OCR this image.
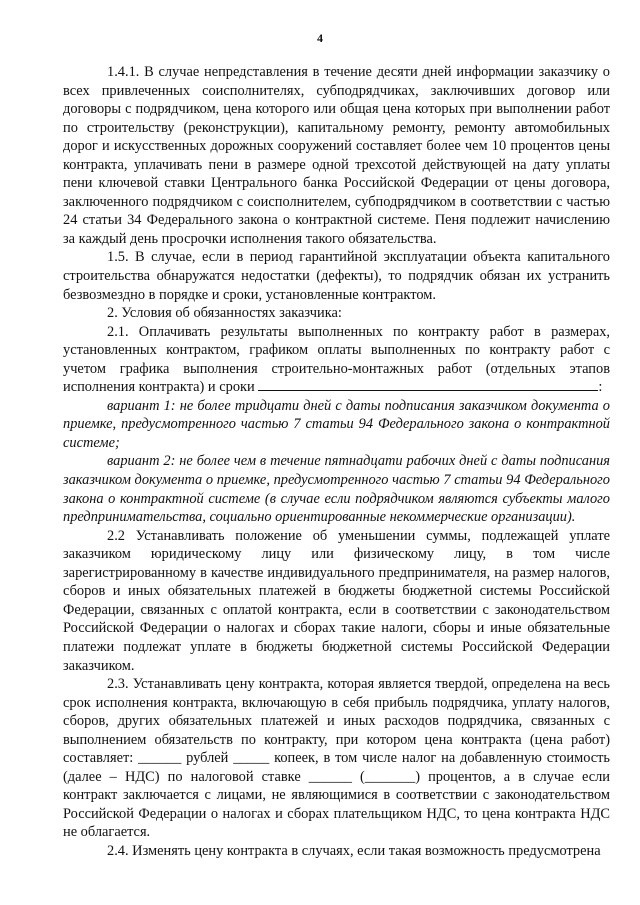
4

1.4.1. В случае непредставления в течение десяти дней информации заказчику о всех привлеченных соисполнителях, субподрядчиках, заключивших договор или договоры с подрядчиком, цена которого или общая цена которых при выполнении работ по строительству (реконструкции), капитальному ремонту, ремонту автомобильных дорог и искусственных дорожных сооружений составляет более чем 10 процентов цены контракта, уплачивать пени в размере одной трехсотой действующей на дату уплаты пени ключевой ставки Центрального банка Российской Федерации от цены договора, заключенного подрядчиком с соисполнителем, субподрядчиком в соответствии с частью 24 статьи 34 Федерального закона о контрактной системе. Пеня подлежит начислению за каждый день просрочки исполнения такого обязательства.

1.5. В случае, если в период гарантийной эксплуатации объекта капитального строительства обнаружатся недостатки (дефекты), то подрядчик обязан их устранить безвозмездно в порядке и сроки, установленные контрактом.

2. Условия об обязанностях заказчика:

2.1. Оплачивать результаты выполненных по контракту работ в размерах, установленных контрактом, графиком оплаты выполненных по контракту работ с учетом графика выполнения строительно-монтажных работ (отдельных этапов исполнения контракта) и сроки	:

вариант 1: не более тридцати дней с даты подписания заказчиком документа о приемке, предусмотренного частью 7 статьи 94 Федерального закона о контрактной системе;

вариант 2: не более чем в течение пятнадцати рабочих дней с даты подписания заказчиком документа о приемке, предусмотренного частью 7 статьи 94 Федерального закона о контрактной системе (в случае если подрядчиком являются субъекты малого предпринимательства, социально ориентированные некоммерческие организации).

2.2 Устанавливать положение об уменьшении суммы, подлежащей уплате заказчиком юридическому лицу или физическому лицу, в том числе зарегистрированному в качестве индивидуального предпринимателя, на размер налогов, сборов и иных обязательных платежей в бюджеты бюджетной системы Российской Федерации, связанных с оплатой контракта, если в соответствии с законодательством Российской Федерации о налогах и сборах такие налоги, сборы и иные обязательные платежи подлежат уплате в бюджеты бюджетной системы Российской Федерации заказчиком.

2.3. Устанавливать цену контракта, которая является твердой, определена на весь срок исполнения контракта, включающую в себя прибыль подрядчика, уплату налогов, сборов, других обязательных платежей и иных расходов подрядчика, связанных с выполнением обязательств по контракту, при котором цена контракта (цена работ) составляет: ______ рублей _____ копеек, в том числе налог на добавленную стоимость (далее – НДС) по налоговой ставке ______ (_______) процентов, а в случае если контракт заключается с лицами, не являющимися в соответствии с законодательством Российской Федерации о налогах и сборах плательщиком НДС, то цена контракта НДС не облагается.

2.4. Изменять цену контракта в случаях, если такая возможность предусмотрена
